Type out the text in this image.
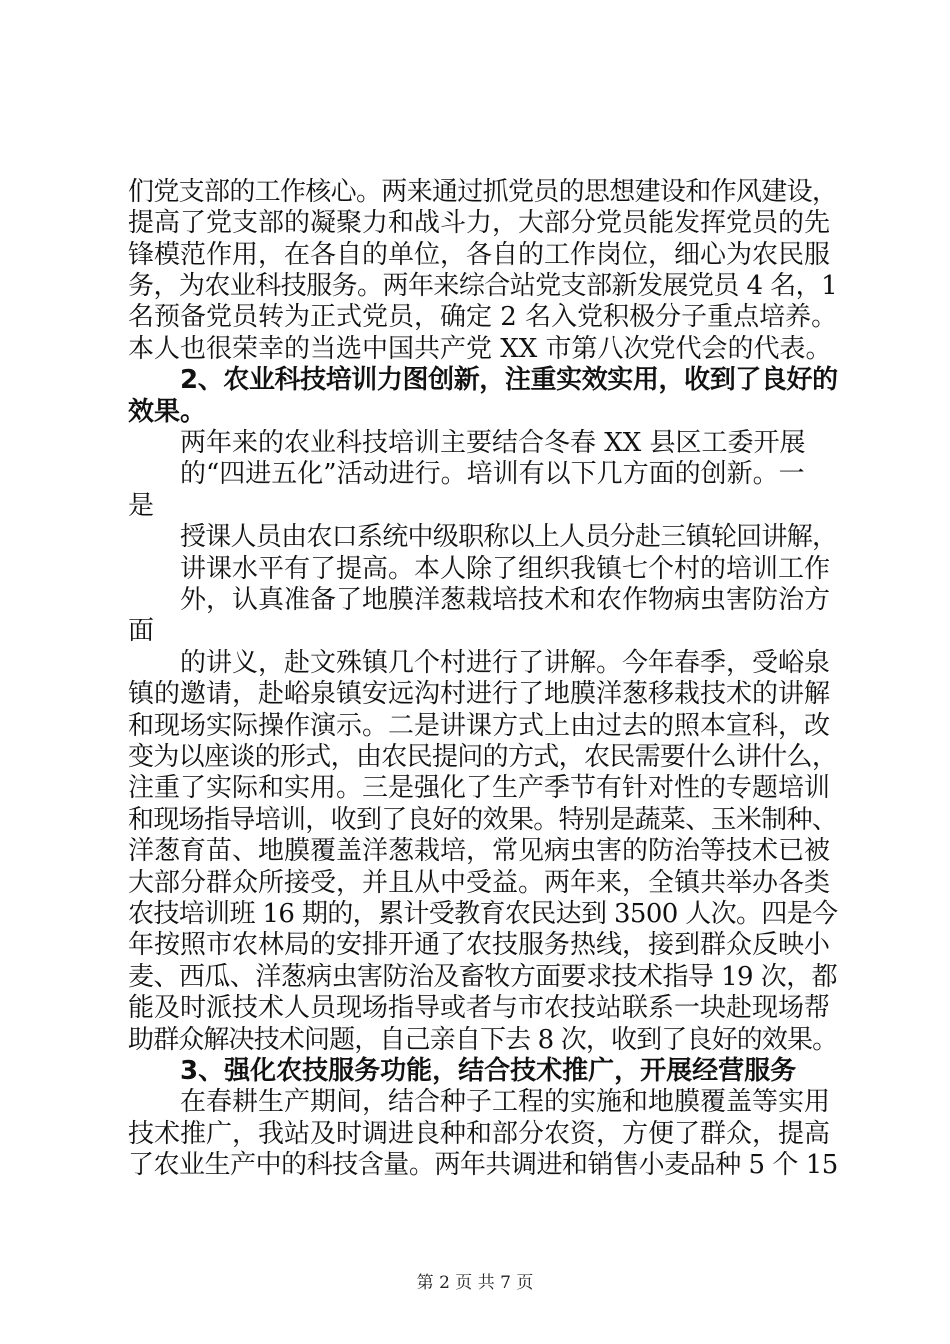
们党支部的工作核心。两来通过抓党员的思想建设和作风建设，
提高了党支部的凝聚力和战斗力，大部分党员能发挥党员的先
锋模范作用，在各自的单位，各自的工作岗位，细心为农民服
务，为农业科技服务。两年来综合站党支部新发展党员 4 名，1
名预备党员转为正式党员，确定 2 名入党积极分子重点培养。
本人也很荣幸的当选中国共产党 XX 市第八次党代会的代表。
2、农业科技培训力图创新，注重实效实用，收到了良好的
效果。
两年来的农业科技培训主要结合冬春 XX 县区工委开展
的“四进五化”活动进行。培训有以下几方面的创新。一
是
授课人员由农口系统中级职称以上人员分赴三镇轮回讲解，
讲课水平有了提高。本人除了组织我镇七个村的培训工作
外，认真准备了地膜洋葱栽培技术和农作物病虫害防治方
面
的讲义，赴文殊镇几个村进行了讲解。今年春季，受峪泉
镇的邀请，赴峪泉镇安远沟村进行了地膜洋葱移栽技术的讲解
和现场实际操作演示。二是讲课方式上由过去的照本宣科，改
变为以座谈的形式，由农民提问的方式，农民需要什么讲什么，
注重了实际和实用。三是强化了生产季节有针对性的专题培训
和现场指导培训，收到了良好的效果。特别是蔬菜、玉米制种、
洋葱育苗、地膜覆盖洋葱栽培，常见病虫害的防治等技术已被
大部分群众所接受，并且从中受益。两年来，全镇共举办各类
农技培训班 16 期的，累计受教育农民达到 3500 人次。四是今
年按照市农林局的安排开通了农技服务热线，接到群众反映小
麦、西瓜、洋葱病虫害防治及畜牧方面要求技术指导 19 次，都
能及时派技术人员现场指导或者与市农技站联系一块赴现场帮
助群众解决技术问题，自己亲自下去 8 次，收到了良好的效果。
3、强化农技服务功能，结合技术推广，开展经营服务
在春耕生产期间，结合种子工程的实施和地膜覆盖等实用
技术推广，我站及时调进良种和部分农资，方便了群众，提高
了农业生产中的科技含量。两年共调进和销售小麦品种 5 个 15
第 2 页 共 7 页
